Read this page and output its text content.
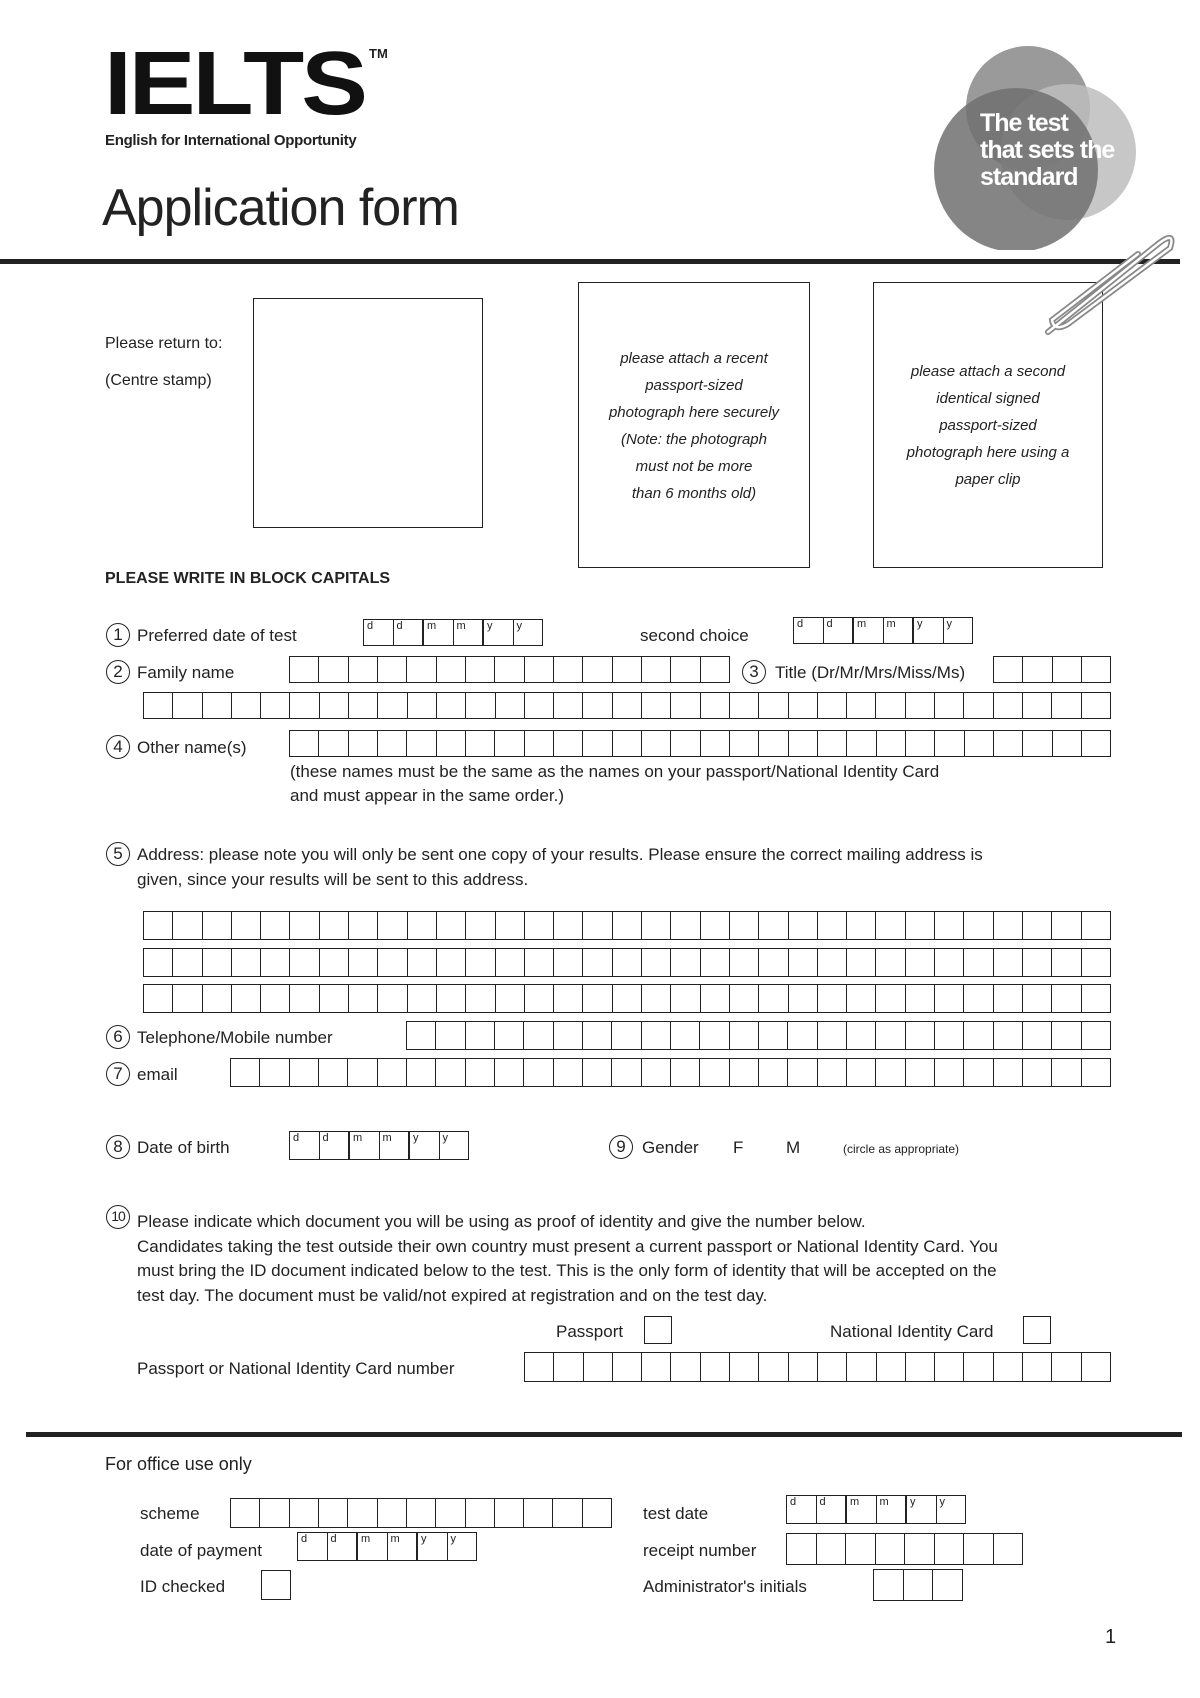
IELTS TM
English for International Opportunity
Application form
The test
that sets the
standard
Please return to:
(Centre stamp)
please attach a recent
passport-sized
photograph here securely
(Note: the photograph
must not be more
than 6 months old)
please attach a second
identical signed
passport-sized
photograph here using a
paper clip
PLEASE WRITE IN BLOCK CAPITALS
1 Preferred date of test	d d m m y y	second choice
d d m m y y
2 Family name	3 Title (Dr/Mr/Mrs/Miss/Ms)
4 Other name(s)
(these names must be the same as the names on your passport/National Identity Card
and must appear in the same order.)
5 Address: please note you will only be sent one copy of your results. Please ensure the correct mailing address is
given, since your results will be sent to this address.
6 Telephone/Mobile number
7 email
8 Date of birth	d d m m y y	9 Gender F	M	(circle as appropriate)
10 Please indicate which document you will be using as proof of identity and give the number below.
Candidates taking the test outside their own country must present a current passport or National Identity Card. You
must bring the ID document indicated below to the test. This is the only form of identity that will be accepted on the
test day. The document must be valid/not expired at registration and on the test day.
Passport	National Identity Card
Passport or National Identity Card number
For office use only
scheme
date of payment
d d m m y y
ID checked
test date
d d m m y y
receipt number
Administrator's initials
1
